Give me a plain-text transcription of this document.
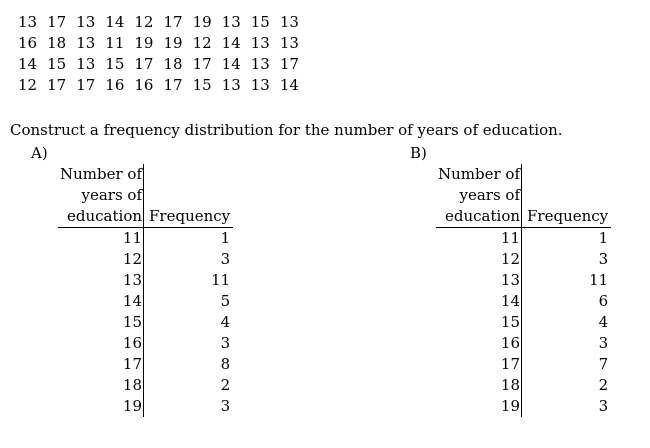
13 17 13 14 12 17 19 13 15 13
16 18 13 11 19 19 12 14 13 13
14 15 13 15 17 18 17 14 13 17
12 17 17 16 16 17 15 13 13 14
Construct a frequency distribution for the number of years of education.
A)	B)
Number of	
years of	
education	Frequency
11	1
12	3
13	11
14	5
15	4
16	3
17	8
18	2
19	3
Number of	
years of	
education	Frequency
11	1
12	3
13	11
14	6
15	4
16	3
17	7
18	2
19	3
